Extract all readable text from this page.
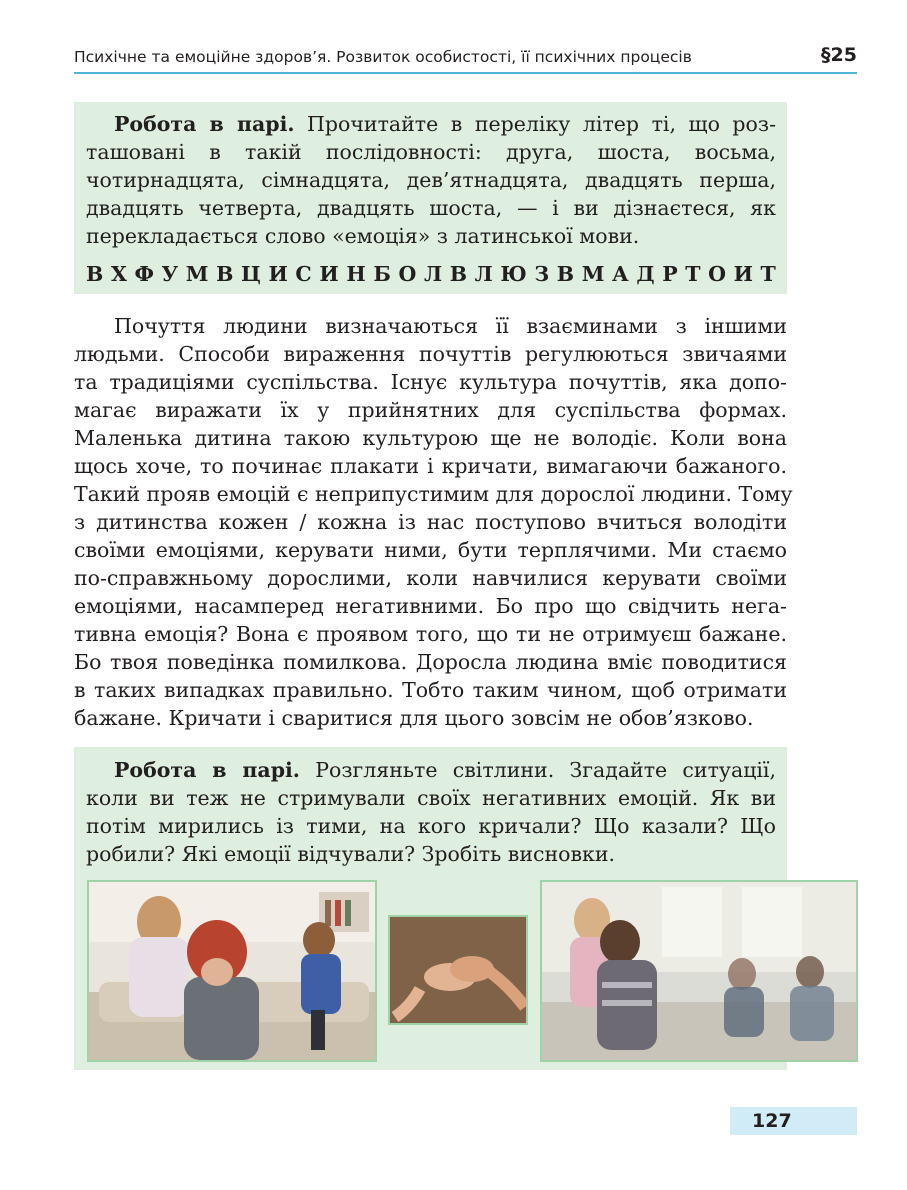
Психічне та емоційне здоров’я. Розвиток особистості, її психічних процесів	§25
Робота в парі. Прочитайте в переліку літер ті, що роз-
ташовані в такій послідовності: друга, шоста, восьма,
чотирнадцята, сімнадцята, дев’ятнадцята, двадцять перша,
двадцять четверта, двадцять шоста, — і ви дізнаєтеся, як
перекладається слово «емоція» з латинської мови.
В Х Ф У М В Ц И С И Н Б О Л В Л Ю З В М А Д Р Т О И Т
Почуття людини визначаються її взаєминами з іншими
людьми. Способи вираження почуттів регулюються звичаями
та традиціями суспільства. Існує культура почуттів, яка допо-
магає виражати їх у прийнятних для суспільства формах.
Маленька дитина такою культурою ще не володіє. Коли вона
щось хоче, то починає плакати і кричати, вимагаючи бажаного.
Такий прояв емоцій є неприпустимим для дорослої людини. Тому
з дитинства кожен / кожна із нас поступово вчиться володіти
своїми емоціями, керувати ними, бути терплячими. Ми стаємо
по-справжньому дорослими, коли навчилися керувати своїми
емоціями, насамперед негативними. Бо про що свідчить нега-
тивна емоція? Вона є проявом того, що ти не отримуєш бажане.
Бо твоя поведінка помилкова. Доросла людина вміє поводитися
в таких випадках правильно. Тобто таким чином, щоб отримати
бажане. Кричати і сваритися для цього зовсім не обов’язково.
Робота в парі. Розгляньте світлини. Згадайте ситуації,
коли ви теж не стримували своїх негативних емоцій. Як ви
потім мирились із тими, на кого кричали? Що казали? Що
робили? Які емоції відчували? Зробіть висновки.
127
